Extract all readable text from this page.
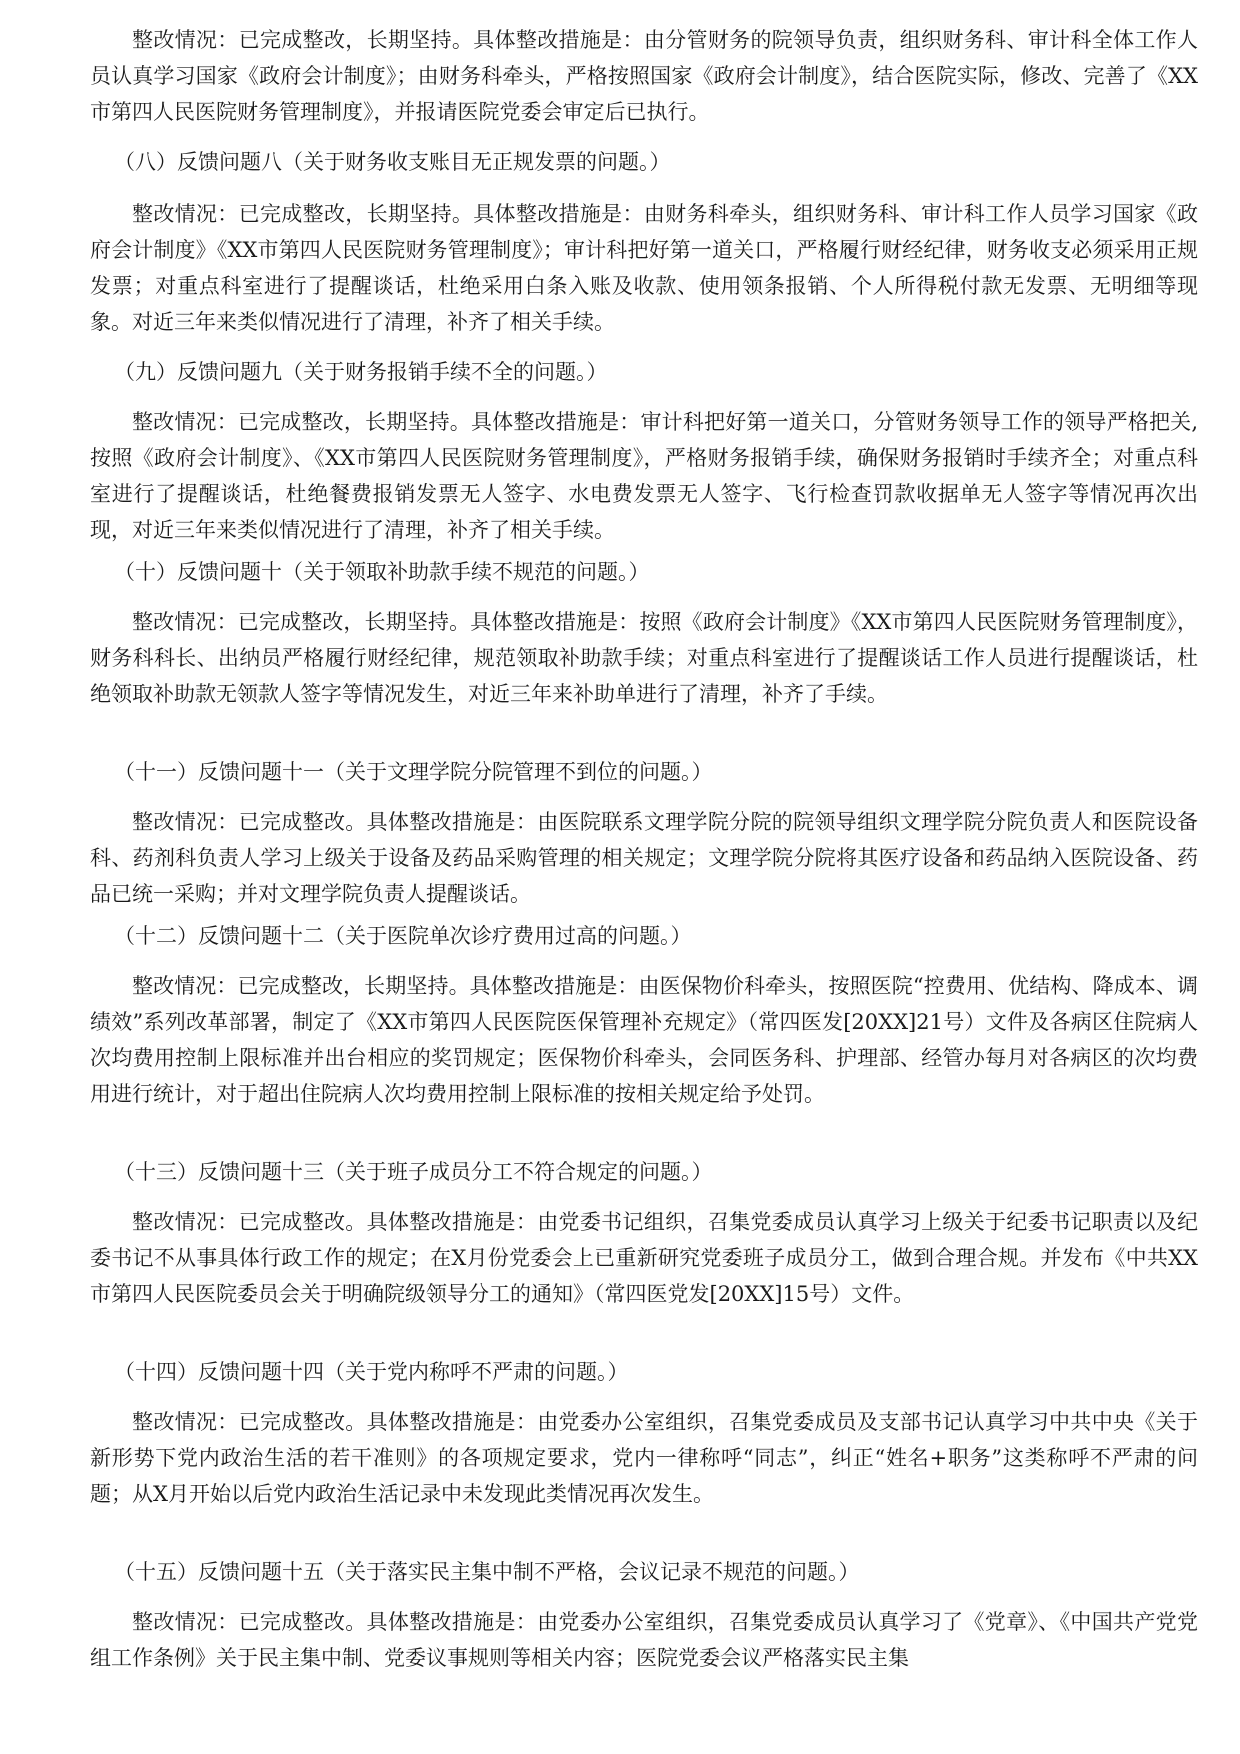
整改情况：已完成整改，长期坚持。具体整改措施是：由分管财务的院领导负责，组织财务科、审计科全体工作人员认真学习国家《政府会计制度》；由财务科牵头，严格按照国家《政府会计制度》，结合医院实际，修改、完善了《XX市第四人民医院财务管理制度》，并报请医院党委会审定后已执行。

（八）反馈问题八（关于财务收支账目无正规发票的问题。）

整改情况：已完成整改，长期坚持。具体整改措施是：由财务科牵头，组织财务科、审计科工作人员学习国家《政府会计制度》《XX市第四人民医院财务管理制度》；审计科把好第一道关口，严格履行财经纪律，财务收支必须采用正规发票；对重点科室进行了提醒谈话，杜绝采用白条入账及收款、使用领条报销、个人所得税付款无发票、无明细等现象。对近三年来类似情况进行了清理，补齐了相关手续。

（九）反馈问题九（关于财务报销手续不全的问题。）

整改情况：已完成整改，长期坚持。具体整改措施是：审计科把好第一道关口，分管财务领导工作的领导严格把关,按照《政府会计制度》、《XX市第四人民医院财务管理制度》，严格财务报销手续，确保财务报销时手续齐全；对重点科室进行了提醒谈话，杜绝餐费报销发票无人签字、水电费发票无人签字、飞行检查罚款收据单无人签字等情况再次出现，对近三年来类似情况进行了清理，补齐了相关手续。

（十）反馈问题十（关于领取补助款手续不规范的问题。）

整改情况：已完成整改，长期坚持。具体整改措施是：按照《政府会计制度》《XX市第四人民医院财务管理制度》，财务科科长、出纳员严格履行财经纪律，规范领取补助款手续；对重点科室进行了提醒谈话工作人员进行提醒谈话，杜绝领取补助款无领款人签字等情况发生，对近三年来补助单进行了清理，补齐了手续。

（十一）反馈问题十一（关于文理学院分院管理不到位的问题。）

整改情况：已完成整改。具体整改措施是：由医院联系文理学院分院的院领导组织文理学院分院负责人和医院设备科、药剂科负责人学习上级关于设备及药品采购管理的相关规定；文理学院分院将其医疗设备和药品纳入医院设备、药品已统一采购；并对文理学院负责人提醒谈话。

（十二）反馈问题十二（关于医院单次诊疗费用过高的问题。）

整改情况：已完成整改，长期坚持。具体整改措施是：由医保物价科牵头，按照医院“控费用、优结构、降成本、调绩效”系列改革部署，制定了《XX市第四人民医院医保管理补充规定》（常四医发[20XX]21号）文件及各病区住院病人次均费用控制上限标准并出台相应的奖罚规定；医保物价科牵头，会同医务科、护理部、经管办每月对各病区的次均费用进行统计，对于超出住院病人次均费用控制上限标准的按相关规定给予处罚。

（十三）反馈问题十三（关于班子成员分工不符合规定的问题。）

整改情况：已完成整改。具体整改措施是：由党委书记组织，召集党委成员认真学习上级关于纪委书记职责以及纪委书记不从事具体行政工作的规定；在X月份党委会上已重新研究党委班子成员分工，做到合理合规。并发布《中共XX市第四人民医院委员会关于明确院级领导分工的通知》（常四医党发[20XX]15号）文件。

（十四）反馈问题十四（关于党内称呼不严肃的问题。）

整改情况：已完成整改。具体整改措施是：由党委办公室组织，召集党委成员及支部书记认真学习中共中央《关于新形势下党内政治生活的若干准则》的各项规定要求，党内一律称呼“同志”，纠正“姓名+职务”这类称呼不严肃的问题；从X月开始以后党内政治生活记录中未发现此类情况再次发生。

（十五）反馈问题十五（关于落实民主集中制不严格，会议记录不规范的问题。）

整改情况：已完成整改。具体整改措施是：由党委办公室组织，召集党委成员认真学习了《党章》、《中国共产党党组工作条例》关于民主集中制、党委议事规则等相关内容；医院党委会议严格落实民主集
